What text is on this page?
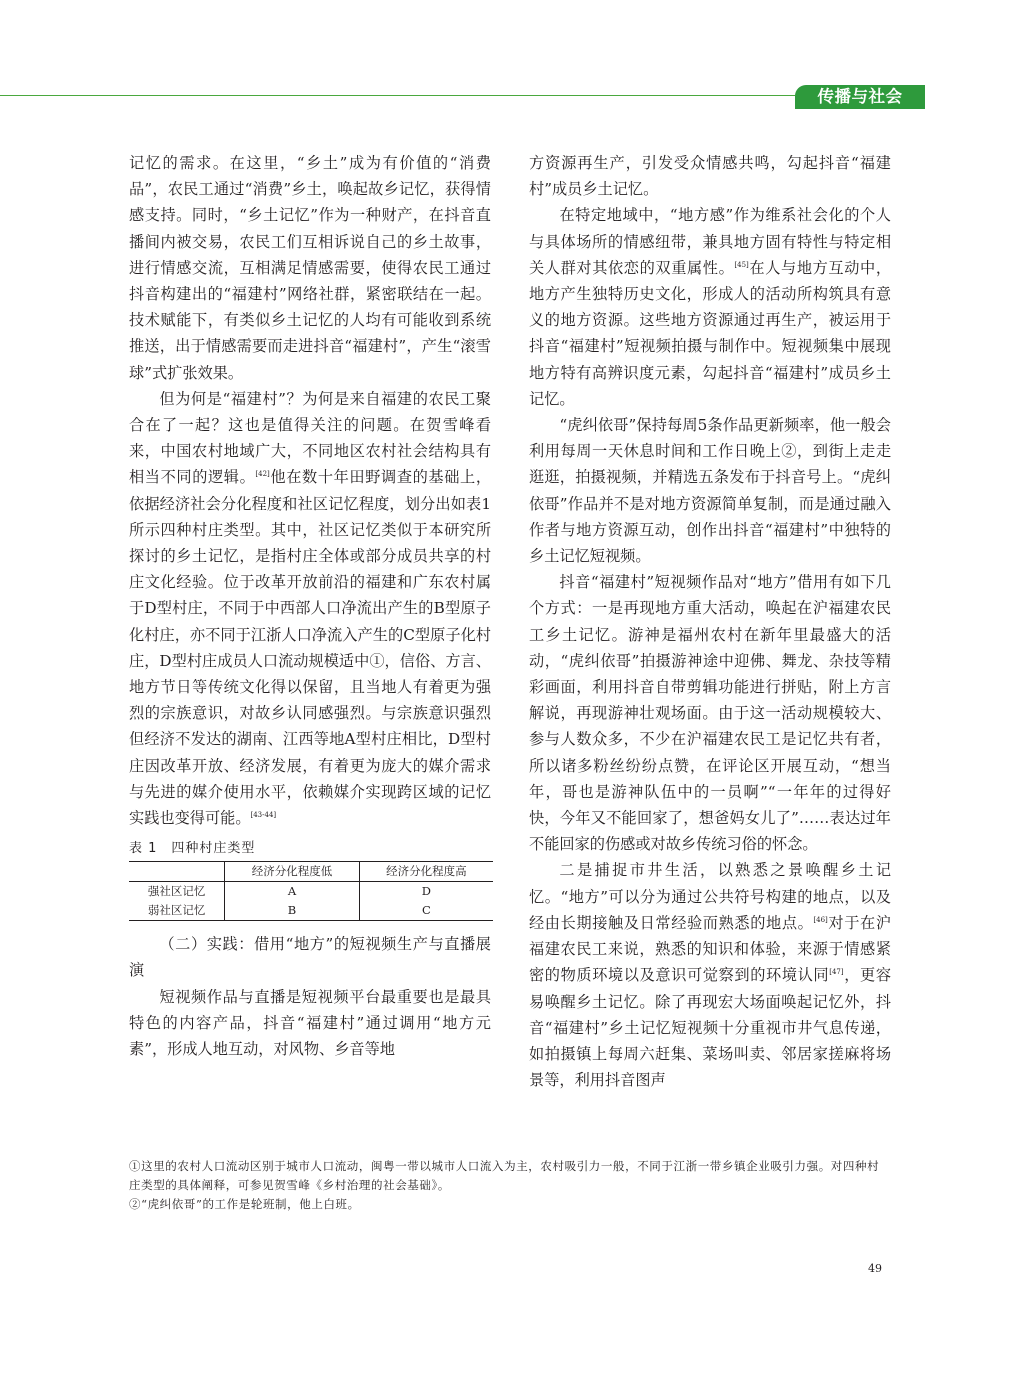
传播与社会

记忆的需求。在这里，“乡土”成为有价值的“消费品”，农民工通过“消费”乡土，唤起故乡记忆，获得情感支持。同时，“乡土记忆”作为一种财产，在抖音直播间内被交易，农民工们互相诉说自己的乡土故事，进行情感交流，互相满足情感需要，使得农民工通过抖音构建出的“福建村”网络社群，紧密联结在一起。技术赋能下，有类似乡土记忆的人均有可能收到系统推送，出于情感需要而走进抖音“福建村”，产生“滚雪球”式扩张效果。

但为何是“福建村”？为何是来自福建的农民工聚合在了一起？这也是值得关注的问题。在贺雪峰看来，中国农村地域广大，不同地区农村社会结构具有相当不同的逻辑。[42]他在数十年田野调查的基础上，依据经济社会分化程度和社区记忆程度，划分出如表1所示四种村庄类型。其中，社区记忆类似于本研究所探讨的乡土记忆，是指村庄全体或部分成员共享的村庄文化经验。位于改革开放前沿的福建和广东农村属于D型村庄，不同于中西部人口净流出产生的B型原子化村庄，亦不同于江浙人口净流入产生的C型原子化村庄，D型村庄成员人口流动规模适中①，信俗、方言、地方节日等传统文化得以保留，且当地人有着更为强烈的宗族意识，对故乡认同感强烈。与宗族意识强烈但经济不发达的湖南、江西等地A型村庄相比，D型村庄因改革开放、经济发展，有着更为庞大的媒介需求与先进的媒介使用水平，依赖媒介实现跨区域的记忆实践也变得可能。[43-44]

表 1 四种村庄类型
	经济分化程度低	经济分化程度高
强社区记忆	A	D
弱社区记忆	B	C

（二）实践：借用“地方”的短视频生产与直播展演

短视频作品与直播是短视频平台最重要也是最具特色的内容产品，抖音“福建村”通过调用“地方元素”，形成人地互动，对风物、乡音等地

方资源再生产，引发受众情感共鸣，勾起抖音“福建村”成员乡土记忆。

在特定地域中，“地方感”作为维系社会化的个人与具体场所的情感纽带，兼具地方固有特性与特定相关人群对其依恋的双重属性。[45]在人与地方互动中，地方产生独特历史文化，形成人的活动所构筑具有意义的地方资源。这些地方资源通过再生产，被运用于抖音“福建村”短视频拍摄与制作中。短视频集中展现地方特有高辨识度元素，勾起抖音“福建村”成员乡土记忆。

“虎纠依哥”保持每周5条作品更新频率，他一般会利用每周一天休息时间和工作日晚上②，到街上走走逛逛，拍摄视频，并精选五条发布于抖音号上。“虎纠依哥”作品并不是对地方资源简单复制，而是通过融入作者与地方资源互动，创作出抖音“福建村”中独特的乡土记忆短视频。

抖音“福建村”短视频作品对“地方”借用有如下几个方式：一是再现地方重大活动，唤起在沪福建农民工乡土记忆。游神是福州农村在新年里最盛大的活动，“虎纠依哥”拍摄游神途中迎佛、舞龙、杂技等精彩画面，利用抖音自带剪辑功能进行拼贴，附上方言解说，再现游神壮观场面。由于这一活动规模较大、参与人数众多，不少在沪福建农民工是记忆共有者，所以诸多粉丝纷纷点赞，在评论区开展互动，“想当年，哥也是游神队伍中的一员啊”“一年年的过得好快，今年又不能回家了，想爸妈女儿了”……表达过年不能回家的伤感或对故乡传统习俗的怀念。

二是捕捉市井生活，以熟悉之景唤醒乡土记忆。“地方”可以分为通过公共符号构建的地点，以及经由长期接触及日常经验而熟悉的地点。[46]对于在沪福建农民工来说，熟悉的知识和体验，来源于情感紧密的物质环境以及意识可觉察到的环境认同[47]，更容易唤醒乡土记忆。除了再现宏大场面唤起记忆外，抖音“福建村”乡土记忆短视频十分重视市井气息传递，如拍摄镇上每周六赶集、菜场叫卖、邻居家搓麻将场景等，利用抖音图声

①这里的农村人口流动区别于城市人口流动，闽粤一带以城市人口流入为主，农村吸引力一般，不同于江浙一带乡镇企业吸引力强。对四种村庄类型的具体阐释，可参见贺雪峰《乡村治理的社会基础》。

②“虎纠依哥”的工作是轮班制，他上白班。

49
